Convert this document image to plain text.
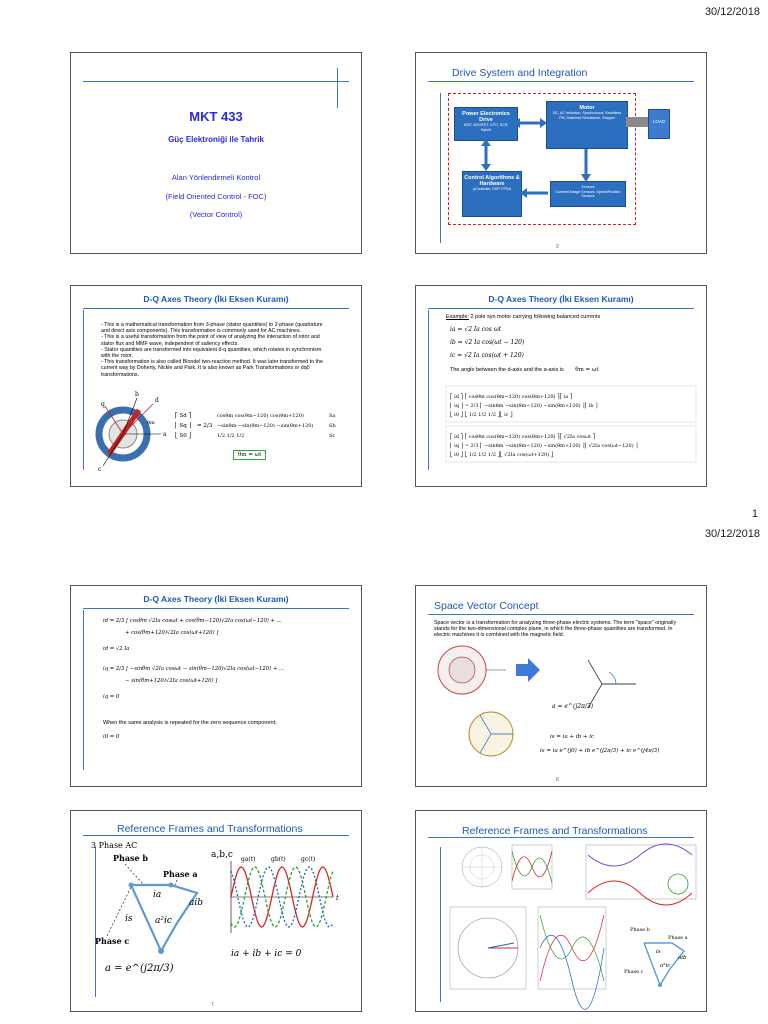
30/12/2018
1
30/12/2018
MKT 433
Güç Elektroniği ile Tahrik
Alan Yönlendirmeli Kontrol
(Field Oriented Control - FOC)
(Vector Control)
Drive System and Integration
Power Electronics Drive
IGBT, MOSFET, GTO, SCR, Hybrid
Motor
DC, AC Induction, Synchronous, Brushless PM, Switched Reluctance, Stepper
Control Algorithms & Hardware
µController, DSP, FPGA	Sensors
Current/Voltage Sensors, Speed/Position Sensors
LOAD
2
D-Q Axes Theory (İki Eksen Kuramı)
- This is a mathematical transformation from 3-phase (stator quantities) to 2-phase (quadrature and direct axis components). This transformation is commonly used for AC machines.
- This is a useful transformation from the point of view of analyzing the interaction of rotor and stator flux and MMF wave, independent of saliency effects.
- Stator quantities are transformed into equivalent d-q quantities, which rotates in synchronism with the rotor.
- This transformation is also called Blondel two-reaction method. It was later transformed to the current way by Doherty, Nickle and Park. It is also known as Park Transformations or dq0 transformations.
q
b
d
a
c
θm
⎡ Sd ⎤
⎢ Sq ⎥
⎣ S0 ⎦
= 2/3
cosθm cos(θm−120) cos(θm+120)
−sinθm −sin(θm−120) −sin(θm+120)
1/2 1/2 1/2
Sa
Sb
Sc
θm = ωt
D-Q Axes Theory (İki Eksen Kuramı)
Example: 2 pole syn motor carrying following balanced currents
ia = √2 Ia cos ωt
ib = √2 Ia cos(ωt − 120)
ic = √2 Ia cos(ωt + 120)
The angle between the d-axis and the a-axis is θm = ωt
⎡ id ⎤ ⎡ cosθm cos(θm−120) cos(θm+120) ⎤⎡ ia ⎤
⎢ iq ⎥ = 2/3 ⎢ −sinθm −sin(θm−120) −sin(θm+120) ⎥⎢ ib ⎥
⎣ i0 ⎦ ⎣ 1/2 1/2 1/2 ⎦⎣ ic ⎦
⎡ id ⎤ ⎡ cosθm cos(θm−120) cos(θm+120) ⎤⎡ √2Ia cosωt ⎤
⎢ iq ⎥ = 2/3 ⎢ −sinθm −sin(θm−120) −sin(θm+120) ⎥⎢ √2Ia cos(ωt−120) ⎥
⎣ i0 ⎦ ⎣ 1/2 1/2 1/2 ⎦⎣ √2Ia cos(ωt+120) ⎦
D-Q Axes Theory (İki Eksen Kuramı)
id = 2/3 [ cosθm √2Ia cosωt + cos(θm−120)√2Ia cos(ωt−120) + ...
+ cos(θm+120)√2Ia cos(ωt+120) ]
id = √2 Ia
iq = 2/3 [ −sinθm √2Ia cosωt − sin(θm−120)√2Ia cos(ωt−120) + ...
− sin(θm+120)√2Ia cos(ωt+120) ]
iq = 0
When the same analysis is repeated for the zero sequence component;
i0 = 0
Space Vector Concept
Space vector is a transformation for analyzing three-phase electric systems. The term "space" originally stands for the two-dimensional complex plane, in which the three-phase quantities are transformed. In electric machines it is combined with the magnetic field.
a = e^(j2π/3)
is = ia + ib + ic
is = ia e^(j0) + ib e^(j2π/3) + ic e^(j4π/3)
6
Reference Frames and Transformations
3 Phase AC
Phase b
Phase a
Phase c
ia
aib
a²ic
is
a = e^(j2π/3)
a,b,c
t
ga(t)	gb(t)	gc(t)
ia + ib + ic = 0
7
Reference Frames and Transformations
Phase b
Phase a
Phase c
is
aib
a²ic
